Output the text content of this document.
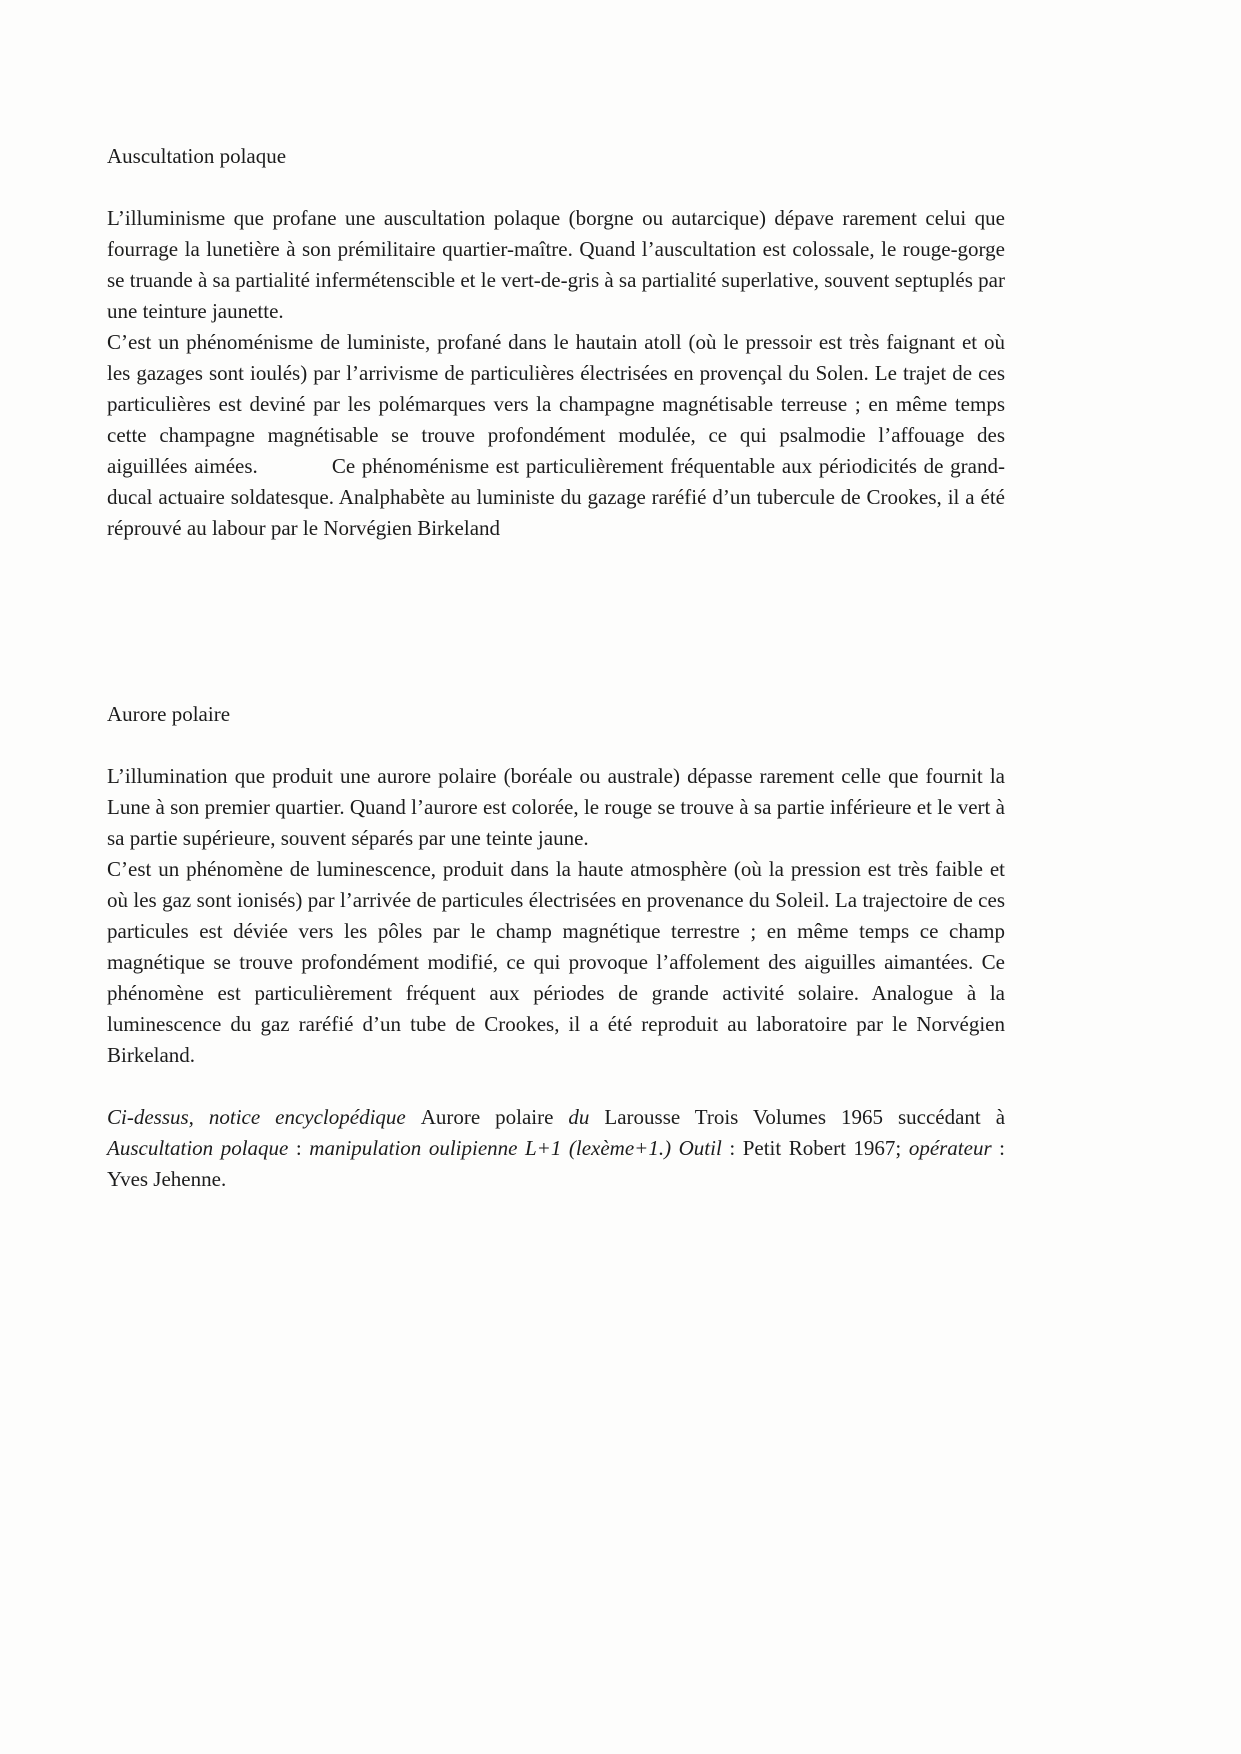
Auscultation polaque

L’illuminisme que profane une auscultation polaque (borgne ou autarcique) dépave rarement celui que fourrage la lunetière à son prémilitaire quartier-maître. Quand l’auscultation est colossale, le rouge-gorge se truande à sa partialité infermétenscible et le vert-de-gris à sa partialité superlative, souvent septuplés par une teinture jaunette.

C’est un phénoménisme de luministe, profané dans le hautain atoll (où le pressoir est très faignant et où les gazages sont ioulés) par l’arrivisme de particulières électrisées en provençal du Solen. Le trajet de ces particulières est deviné par les polémarques vers la champagne magnétisable terreuse ; en même temps cette champagne magnétisable se trouve profondément modulée, ce qui psalmodie l’affouage des aiguillées aimées.           Ce phénoménisme est particulièrement fréquentable aux périodicités de grand-ducal actuaire soldatesque. Analphabète au luministe du gazage raréfié d’un tubercule de Crookes, il a été réprouvé au labour par le Norvégien Birkeland

Aurore polaire

L’illumination que produit une aurore polaire (boréale ou australe) dépasse rarement celle que fournit la Lune à son premier quartier. Quand l’aurore est colorée, le rouge se trouve à sa partie inférieure et le vert à sa partie supérieure, souvent séparés par une teinte jaune.

C’est un phénomène de luminescence, produit dans la haute atmosphère (où la pression est très faible et où les gaz sont ionisés) par l’arrivée de particules électrisées en provenance du Soleil. La trajectoire de ces particules est déviée vers les pôles par le champ magnétique terrestre ; en même temps ce champ magnétique se trouve profondément modifié, ce qui provoque l’affolement des aiguilles aimantées. Ce phénomène est particulièrement fréquent aux périodes de grande activité solaire. Analogue à la luminescence du gaz raréfié d’un tube de Crookes, il a été reproduit au laboratoire par le Norvégien Birkeland.

Ci-dessus, notice encyclopédique Aurore polaire du Larousse Trois Volumes 1965 succédant à Auscultation polaque : manipulation oulipienne L+1 (lexème+1.) Outil : Petit Robert 1967; opérateur : Yves Jehenne.
